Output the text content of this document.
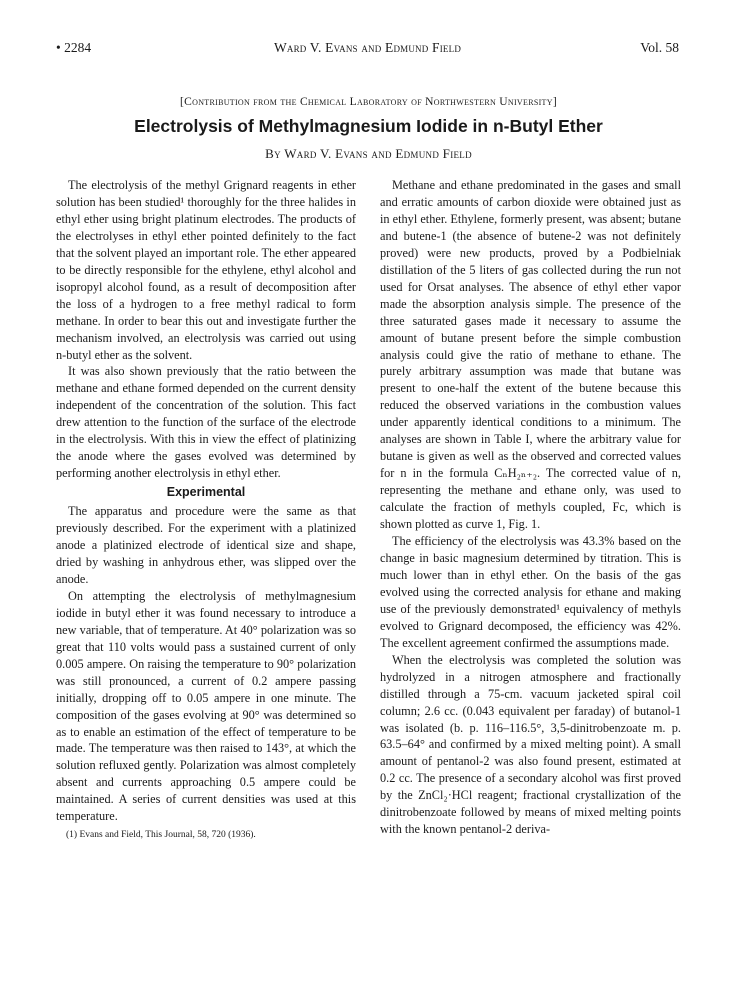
• 2284	Ward V. Evans and Edmund Field	Vol. 58
[Contribution from the Chemical Laboratory of Northwestern University]
Electrolysis of Methylmagnesium Iodide in n-Butyl Ether
By Ward V. Evans and Edmund Field

The electrolysis of the methyl Grignard reagents in ether solution has been studied¹ thoroughly for the three halides in ethyl ether using bright platinum electrodes. The products of the electrolyses in ethyl ether pointed definitely to the fact that the solvent played an important role. The ether appeared to be directly responsible for the ethylene, ethyl alcohol and isopropyl alcohol found, as a result of decomposition after the loss of a hydrogen to a free methyl radical to form methane. In order to bear this out and investigate further the mechanism involved, an electrolysis was carried out using n-butyl ether as the solvent.

It was also shown previously that the ratio between the methane and ethane formed depended on the current density independent of the concentration of the solution. This fact drew attention to the function of the surface of the electrode in the electrolysis. With this in view the effect of platinizing the anode where the gases evolved was determined by performing another electrolysis in ethyl ether.

Experimental

The apparatus and procedure were the same as that previously described. For the experiment with a platinized anode a platinized electrode of identical size and shape, dried by washing in anhydrous ether, was slipped over the anode.

On attempting the electrolysis of methylmagnesium iodide in butyl ether it was found necessary to introduce a new variable, that of temperature. At 40° polarization was so great that 110 volts would pass a sustained current of only 0.005 ampere. On raising the temperature to 90° polarization was still pronounced, a current of 0.2 ampere passing initially, dropping off to 0.05 ampere in one minute. The composition of the gases evolving at 90° was determined so as to enable an estimation of the effect of temperature to be made. The temperature was then raised to 143°, at which the solution refluxed gently. Polarization was almost completely absent and currents approaching 0.5 ampere could be maintained. A series of current densities was used at this temperature.

(1) Evans and Field, This Journal, 58, 720 (1936).

Methane and ethane predominated in the gases and small and erratic amounts of carbon dioxide were obtained just as in ethyl ether. Ethylene, formerly present, was absent; butane and butene-1 (the absence of butene-2 was not definitely proved) were new products, proved by a Podbielniak distillation of the 5 liters of gas collected during the run not used for Orsat analyses. The absence of ethyl ether vapor made the absorption analysis simple. The presence of the three saturated gases made it necessary to assume the amount of butane present before the simple combustion analysis could give the ratio of methane to ethane. The purely arbitrary assumption was made that butane was present to one-half the extent of the butene because this reduced the observed variations in the combustion values under apparently identical conditions to a minimum. The analyses are shown in Table I, where the arbitrary value for butane is given as well as the observed and corrected values for n in the formula CₙH₂ₙ₊₂. The corrected value of n, representing the methane and ethane only, was used to calculate the fraction of methyls coupled, Fc, which is shown plotted as curve 1, Fig. 1.

The efficiency of the electrolysis was 43.3% based on the change in basic magnesium determined by titration. This is much lower than in ethyl ether. On the basis of the gas evolved using the corrected analysis for ethane and making use of the previously demonstrated¹ equivalency of methyls evolved to Grignard decomposed, the efficiency was 42%. The excellent agreement confirmed the assumptions made.

When the electrolysis was completed the solution was hydrolyzed in a nitrogen atmosphere and fractionally distilled through a 75-cm. vacuum jacketed spiral coil column; 2.6 cc. (0.043 equivalent per faraday) of butanol-1 was isolated (b. p. 116–116.5°, 3,5-dinitrobenzoate m. p. 63.5–64° and confirmed by a mixed melting point). A small amount of pentanol-2 was also found present, estimated at 0.2 cc. The presence of a secondary alcohol was first proved by the ZnCl₂·HCl reagent; fractional crystallization of the dinitrobenzoate followed by means of mixed melting points with the known pentanol-2 deriva-
